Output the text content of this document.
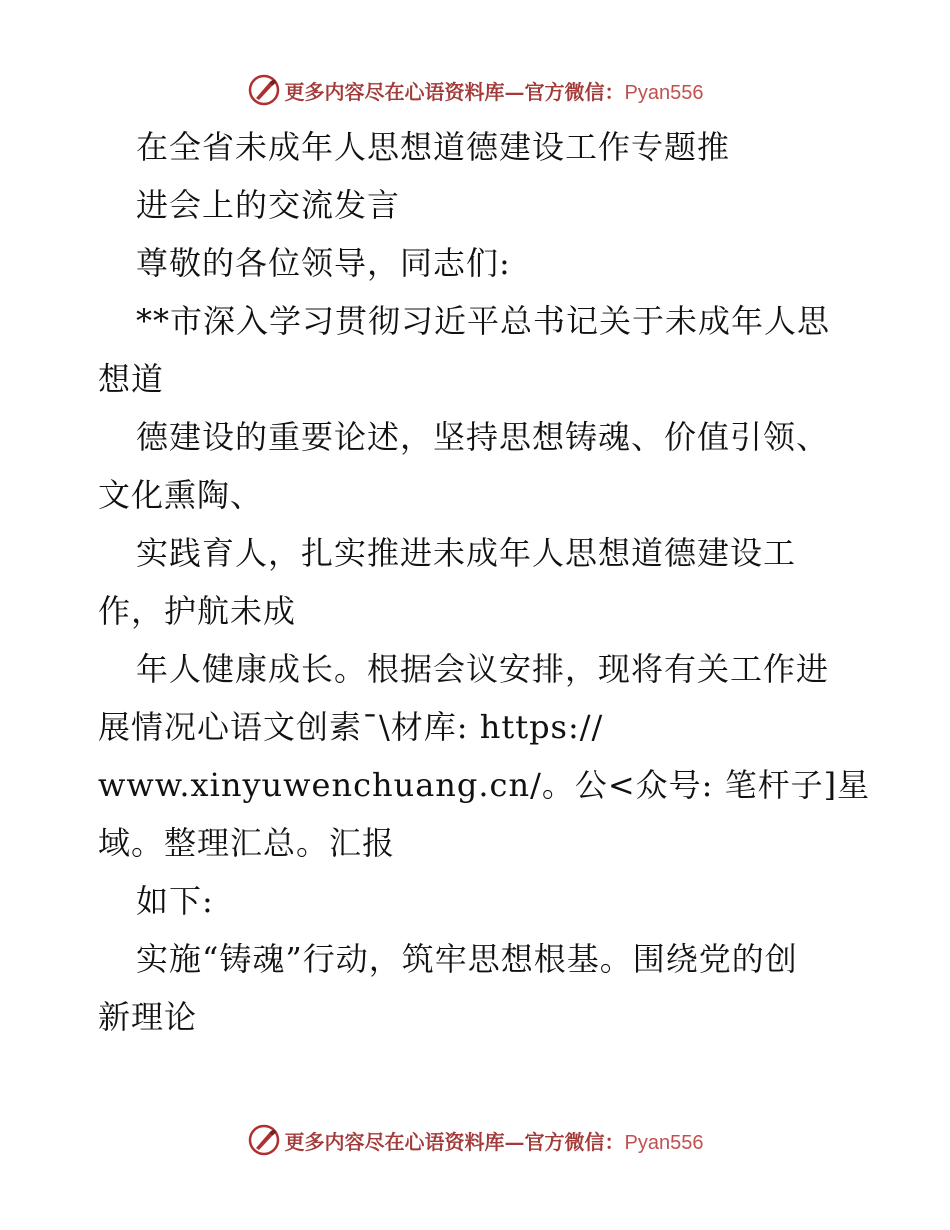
更多内容尽在心语资料库—官方微信：Pyan556
在全省未成年人思想道德建设工作专题推
进会上的交流发言
尊敬的各位领导，同志们:
**市深入学习贯彻习近平总书记关于未成年人思
想道
德建设的重要论述，坚持思想铸魂、价值引领、
文化熏陶、
实践育人，扎实推进未成年人思想道德建设工
作，护航未成
年人健康成长。根据会议安排，现将有关工作进
展情况心语文创素¯\材库: https://
www.xinyuwenchuang.cn/。公<众号: 笔杆子]星
域。整理汇总。汇报
如下:
实施“铸魂”行动，筑牢思想根基。围绕党的创
新理论
更多内容尽在心语资料库—官方微信：Pyan556
